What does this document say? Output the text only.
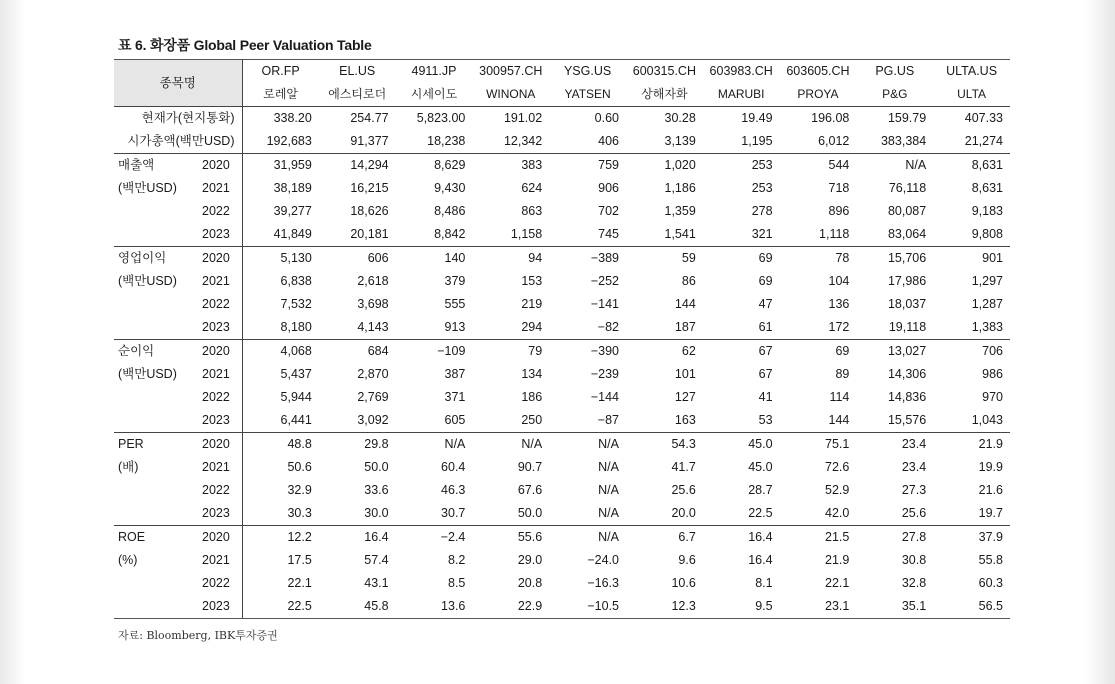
표 6. 화장품 Global Peer Valuation Table
종목명	OR.FP	EL.US	4911.JP	300957.CH	YSG.US	600315.CH	603983.CH	603605.CH	PG.US	ULTA.US
	로레알	에스티로더	시세이도	WINONA	YATSEN	상해자화	MARUBI	PROYA	P&G	ULTA
현재가(현지통화)	338.20	254.77	5,823.00	191.02	0.60	30.28	19.49	196.08	159.79	407.33
시가총액(백만USD)	192,683	91,377	18,238	12,342	406	3,139	1,195	6,012	383,384	21,274
매출액 2020	31,959	14,294	8,629	383	759	1,020	253	544	N/A	8,631
(백만USD) 2021	38,189	16,215	9,430	624	906	1,186	253	718	76,118	8,631
2022	39,277	18,626	8,486	863	702	1,359	278	896	80,087	9,183
2023	41,849	20,181	8,842	1,158	745	1,541	321	1,118	83,064	9,808
영업이익 2020	5,130	606	140	94	−389	59	69	78	15,706	901
(백만USD) 2021	6,838	2,618	379	153	−252	86	69	104	17,986	1,297
2022	7,532	3,698	555	219	−141	144	47	136	18,037	1,287
2023	8,180	4,143	913	294	−82	187	61	172	19,118	1,383
순이익 2020	4,068	684	−109	79	−390	62	67	69	13,027	706
(백만USD) 2021	5,437	2,870	387	134	−239	101	67	89	14,306	986
2022	5,944	2,769	371	186	−144	127	41	114	14,836	970
2023	6,441	3,092	605	250	−87	163	53	144	15,576	1,043
PER 2020	48.8	29.8	N/A	N/A	N/A	54.3	45.0	75.1	23.4	21.9
(배) 2021	50.6	50.0	60.4	90.7	N/A	41.7	45.0	72.6	23.4	19.9
2022	32.9	33.6	46.3	67.6	N/A	25.6	28.7	52.9	27.3	21.6
2023	30.3	30.0	30.7	50.0	N/A	20.0	22.5	42.0	25.6	19.7
ROE 2020	12.2	16.4	−2.4	55.6	N/A	6.7	16.4	21.5	27.8	37.9
(%) 2021	17.5	57.4	8.2	29.0	−24.0	9.6	16.4	21.9	30.8	55.8
2022	22.1	43.1	8.5	20.8	−16.3	10.6	8.1	22.1	32.8	60.3
2023	22.5	45.8	13.6	22.9	−10.5	12.3	9.5	23.1	35.1	56.5
자료: Bloomberg, IBK투자증권
